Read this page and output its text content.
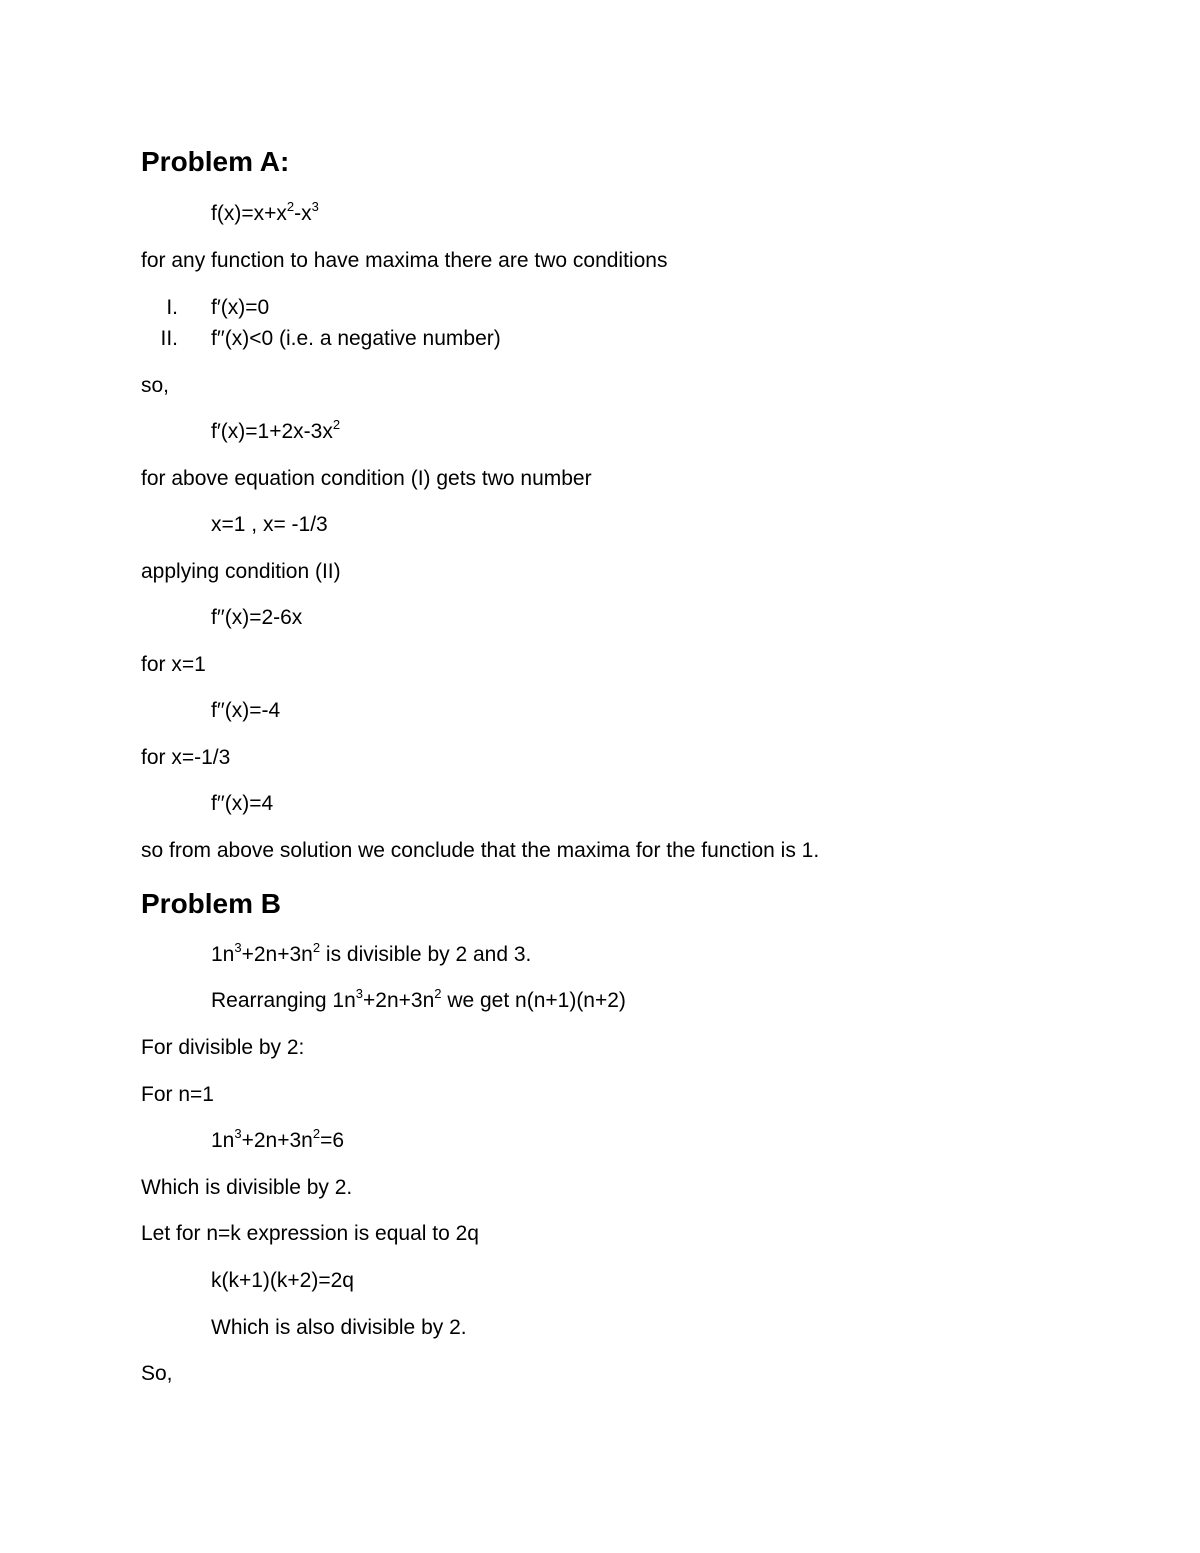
Problem A:
$f(x)=x+x^2-x^3$
for any function to have maxima there are two conditions
I. f′(x)=0
II. f′′(x)<0 (i.e. a negative number)
so,
$f'(x)=1+2x-3x^2$
for above equation condition (I) gets two number
x=1 , x= -1/3
applying condition (II)
f′′(x)=2-6x
for x=1
f′′(x)=-4
for x=-1/3
f′′(x)=4
so from above solution we conclude that the maxima for the function is 1.
Problem B
$1n^3+2n+3n^2$ is divisible by 2 and 3.
Rearranging $1n^3+2n+3n^2$ we get n(n+1)(n+2)
For divisible by 2:
For n=1
$1n^3+2n+3n^2=6$
Which is divisible by 2.
Let for n=k expression is equal to 2q
k(k+1)(k+2)=2q
Which is also divisible by 2.
So,
